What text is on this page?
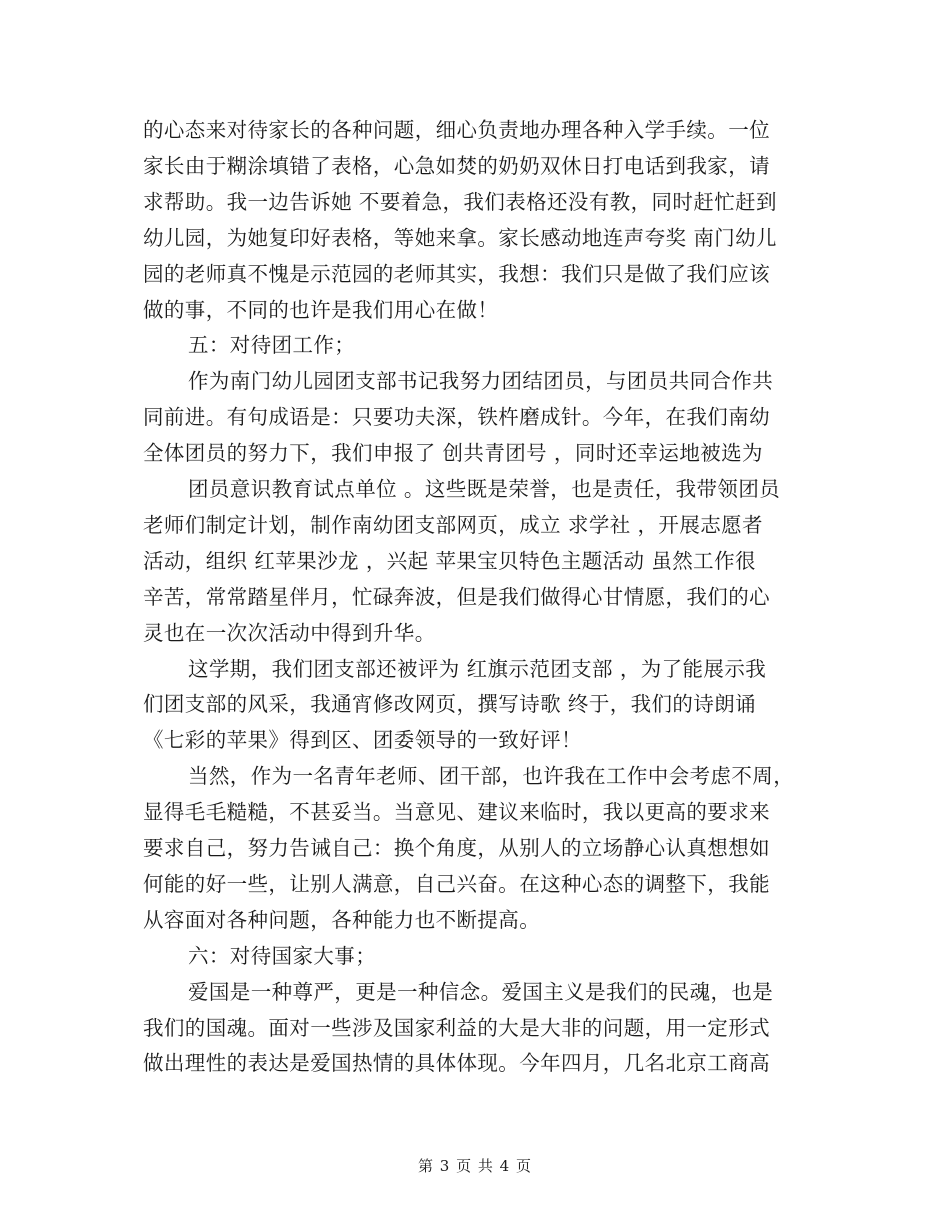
的心态来对待家长的各种问题，细心负责地办理各种入学手续。一位
家长由于糊涂填错了表格，心急如焚的奶奶双休日打电话到我家，请
求帮助。我一边告诉她 不要着急，我们表格还没有教，同时赶忙赶到
幼儿园，为她复印好表格，等她来拿。家长感动地连声夸奖 南门幼儿
园的老师真不愧是示范园的老师其实，我想：我们只是做了我们应该
做的事，不同的也许是我们用心在做！
五：对待团工作；
作为南门幼儿园团支部书记我努力团结团员，与团员共同合作共
同前进。有句成语是：只要功夫深，铁杵磨成针。今年，在我们南幼
全体团员的努力下，我们申报了 创共青团号 ，同时还幸运地被选为
团员意识教育试点单位 。这些既是荣誉，也是责任，我带领团员
老师们制定计划，制作南幼团支部网页，成立 求学社 ，开展志愿者
活动，组织 红苹果沙龙 ，兴起 苹果宝贝特色主题活动 虽然工作很
辛苦，常常踏星伴月，忙碌奔波，但是我们做得心甘情愿，我们的心
灵也在一次次活动中得到升华。
这学期，我们团支部还被评为 红旗示范团支部 ，为了能展示我
们团支部的风采，我通宵修改网页，撰写诗歌 终于，我们的诗朗诵
《七彩的苹果》得到区、团委领导的一致好评！
当然，作为一名青年老师、团干部，也许我在工作中会考虑不周，
显得毛毛糙糙，不甚妥当。当意见、建议来临时，我以更高的要求来
要求自己，努力告诫自己：换个角度，从别人的立场静心认真想想如
何能的好一些，让别人满意，自己兴奋。在这种心态的调整下，我能
从容面对各种问题，各种能力也不断提高。
六：对待国家大事；
爱国是一种尊严，更是一种信念。爱国主义是我们的民魂，也是
我们的国魂。面对一些涉及国家利益的大是大非的问题，用一定形式
做出理性的表达是爱国热情的具体体现。今年四月，几名北京工商高
第 3 页 共 4 页
